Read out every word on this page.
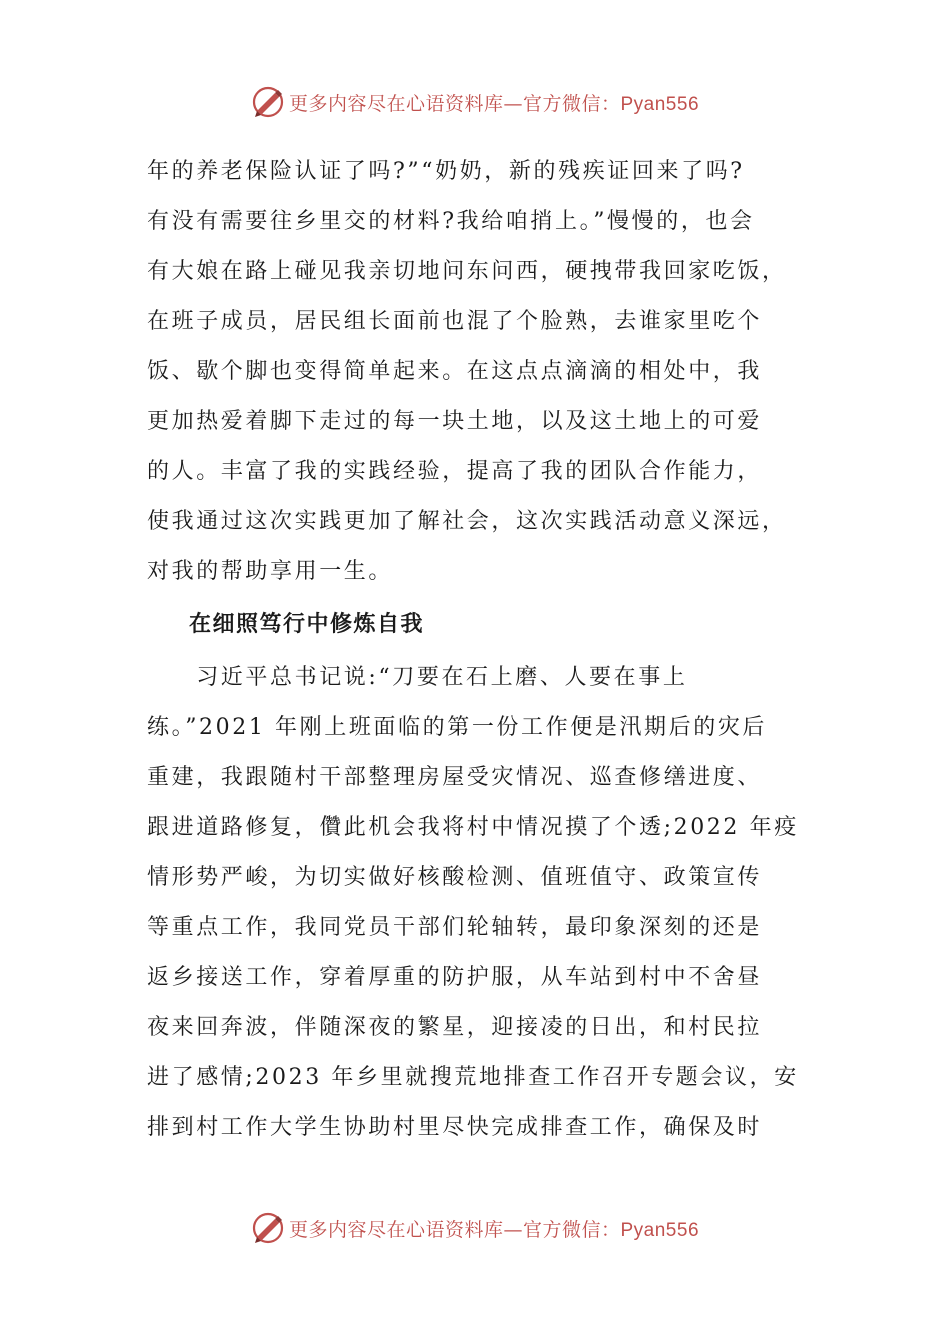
更多内容尽在心语资料库—官方微信：Pyan556
年的养老保险认证了吗?”“奶奶，新的残疾证回来了吗?
有没有需要往乡里交的材料?我给咱捎上。”慢慢的，也会
有大娘在路上碰见我亲切地问东问西，硬拽带我回家吃饭，
在班子成员，居民组长面前也混了个脸熟，去谁家里吃个
饭、歇个脚也变得简单起来。在这点点滴滴的相处中，我
更加热爱着脚下走过的每一块土地，以及这土地上的可爱
的人。丰富了我的实践经验，提高了我的团队合作能力，
使我通过这次实践更加了解社会，这次实践活动意义深远，
对我的帮助享用一生。
在细照笃行中修炼自我
　　习近平总书记说:“刀要在石上磨、人要在事上
练。”2021 年刚上班面临的第一份工作便是汛期后的灾后
重建，我跟随村干部整理房屋受灾情况、巡查修缮进度、
跟进道路修复，儹此机会我将村中情况摸了个透;2022 年疫
情形势严峻，为切实做好核酸检测、值班值守、政策宣传
等重点工作，我同党员干部们轮轴转，最印象深刻的还是
返乡接送工作，穿着厚重的防护服，从车站到村中不舍昼
夜来回奔波，伴随深夜的繁星，迎接凌的日出，和村民拉
进了感情;2023 年乡里就搜荒地排查工作召开专题会议，安
排到村工作大学生协助村里尽快完成排查工作，确保及时
更多内容尽在心语资料库—官方微信：Pyan556
